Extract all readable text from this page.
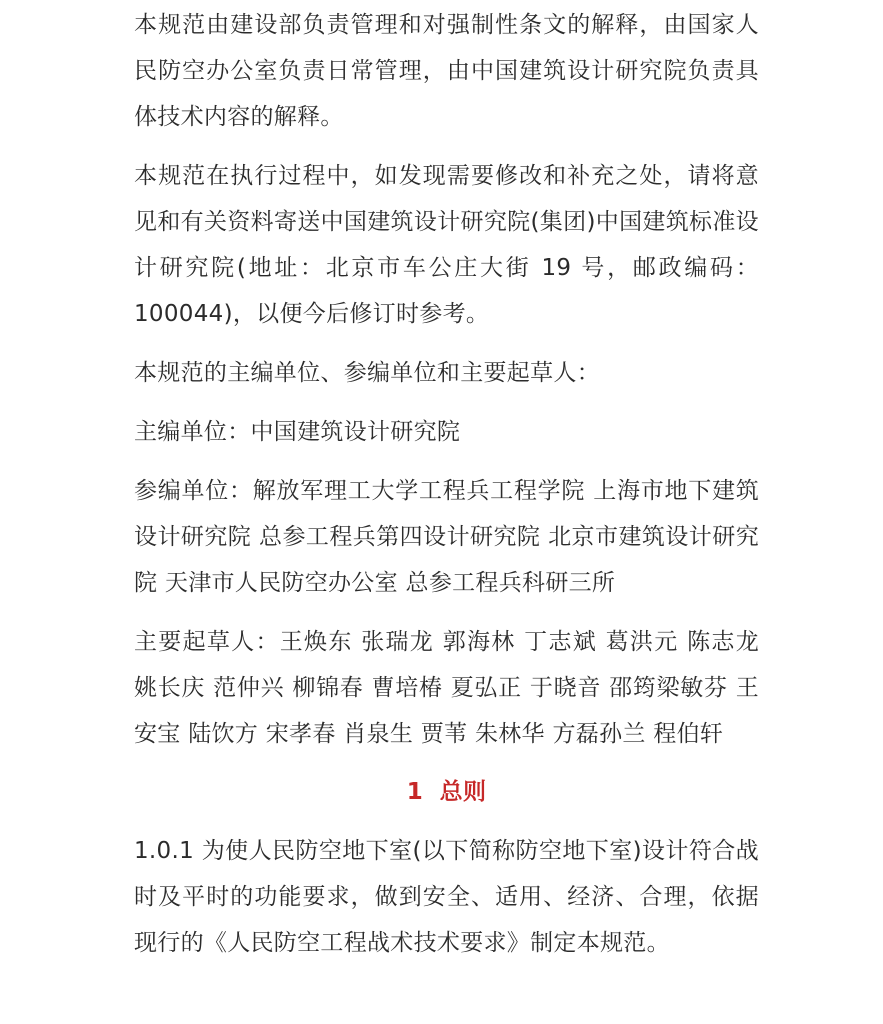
本规范由建设部负责管理和对强制性条文的解释，由国家人民防空办公室负责日常管理，由中国建筑设计研究院负责具体技术内容的解释。

本规范在执行过程中，如发现需要修改和补充之处，请将意见和有关资料寄送中国建筑设计研究院(集团)中国建筑标准设计研究院(地址：北京市车公庄大街 19 号，邮政编码：100044)，以便今后修订时参考。

本规范的主编单位、参编单位和主要起草人：

主编单位：中国建筑设计研究院

参编单位：解放军理工大学工程兵工程学院 上海市地下建筑设计研究院 总参工程兵第四设计研究院 北京市建筑设计研究院 天津市人民防空办公室 总参工程兵科研三所

主要起草人：王焕东 张瑞龙 郭海林 丁志斌 葛洪元 陈志龙 姚长庆 范仲兴 柳锦春 曹培椿 夏弘正 于晓音 邵筠梁敏芬 王安宝 陆饮方 宋孝春 肖泉生 贾苇 朱林华 方磊孙兰 程伯轩

1  总则

1.0.1 为使人民防空地下室(以下简称防空地下室)设计符合战时及平时的功能要求，做到安全、适用、经济、合理，依据现行的《人民防空工程战术技术要求》制定本规范。
